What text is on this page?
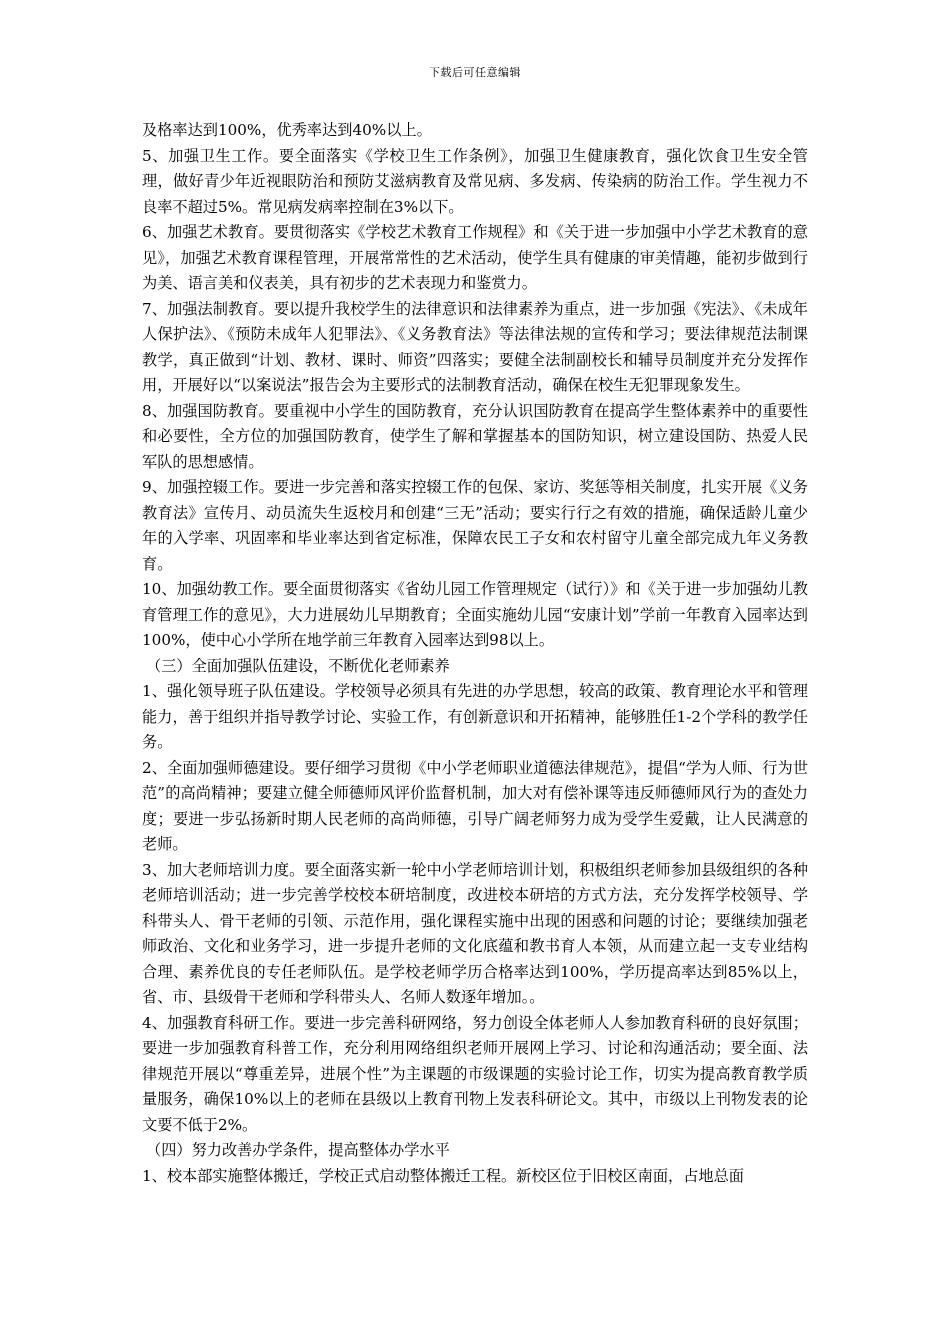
下载后可任意编辑

及格率达到100%，优秀率达到40%以上。

5、加强卫生工作。要全面落实《学校卫生工作条例》，加强卫生健康教育，强化饮食卫生安全管理，做好青少年近视眼防治和预防艾滋病教育及常见病、多发病、传染病的防治工作。学生视力不良率不超过5%。常见病发病率控制在3%以下。

6、加强艺术教育。要贯彻落实《学校艺术教育工作规程》和《关于进一步加强中小学艺术教育的意见》，加强艺术教育课程管理，开展常常性的艺术活动，使学生具有健康的审美情趣，能初步做到行为美、语言美和仪表美，具有初步的艺术表现力和鉴赏力。

7、加强法制教育。要以提升我校学生的法律意识和法律素养为重点，进一步加强《宪法》、《未成年人保护法》、《预防未成年人犯罪法》、《义务教育法》等法律法规的宣传和学习；要法律规范法制课教学，真正做到“计划、教材、课时、师资”四落实；要健全法制副校长和辅导员制度并充分发挥作用，开展好以“以案说法”报告会为主要形式的法制教育活动，确保在校生无犯罪现象发生。

8、加强国防教育。要重视中小学生的国防教育，充分认识国防教育在提高学生整体素养中的重要性和必要性，全方位的加强国防教育，使学生了解和掌握基本的国防知识，树立建设国防、热爱人民军队的思想感情。

9、加强控辍工作。要进一步完善和落实控辍工作的包保、家访、奖惩等相关制度，扎实开展《义务教育法》宣传月、动员流失生返校月和创建“三无”活动；要实行行之有效的措施，确保适龄儿童少年的入学率、巩固率和毕业率达到省定标准，保障农民工子女和农村留守儿童全部完成九年义务教育。

10、加强幼教工作。要全面贯彻落实《省幼儿园工作管理规定（试行）》和《关于进一步加强幼儿教育管理工作的意见》，大力进展幼儿早期教育；全面实施幼儿园“安康计划”学前一年教育入园率达到100%，使中心小学所在地学前三年教育入园率达到98以上。

（三）全面加强队伍建设，不断优化老师素养

1、强化领导班子队伍建设。学校领导必须具有先进的办学思想，较高的政策、教育理论水平和管理能力，善于组织并指导教学讨论、实验工作，有创新意识和开拓精神，能够胜任1-2个学科的教学任务。

2、全面加强师德建设。要仔细学习贯彻《中小学老师职业道德法律规范》，提倡“学为人师、行为世范”的高尚精神；要建立健全师德师风评价监督机制，加大对有偿补课等违反师德师风行为的查处力度；要进一步弘扬新时期人民老师的高尚师德，引导广阔老师努力成为受学生爱戴，让人民满意的老师。

3、加大老师培训力度。要全面落实新一轮中小学老师培训计划，积极组织老师参加县级组织的各种老师培训活动；进一步完善学校校本研培制度，改进校本研培的方式方法，充分发挥学校领导、学科带头人、骨干老师的引领、示范作用，强化课程实施中出现的困惑和问题的讨论；要继续加强老师政治、文化和业务学习，进一步提升老师的文化底蕴和教书育人本领，从而建立起一支专业结构合理、素养优良的专任老师队伍。是学校老师学历合格率达到100%，学历提高率达到85%以上，省、市、县级骨干老师和学科带头人、名师人数逐年增加。。

4、加强教育科研工作。要进一步完善科研网络，努力创设全体老师人人参加教育科研的良好氛围；要进一步加强教育科普工作，充分利用网络组织老师开展网上学习、讨论和沟通活动；要全面、法律规范开展以“尊重差异，进展个性”为主课题的市级课题的实验讨论工作，切实为提高教育教学质量服务，确保10%以上的老师在县级以上教育刊物上发表科研论文。其中，市级以上刊物发表的论文要不低于2%。

（四）努力改善办学条件，提高整体办学水平

1、校本部实施整体搬迁，学校正式启动整体搬迁工程。新校区位于旧校区南面，占地总面
